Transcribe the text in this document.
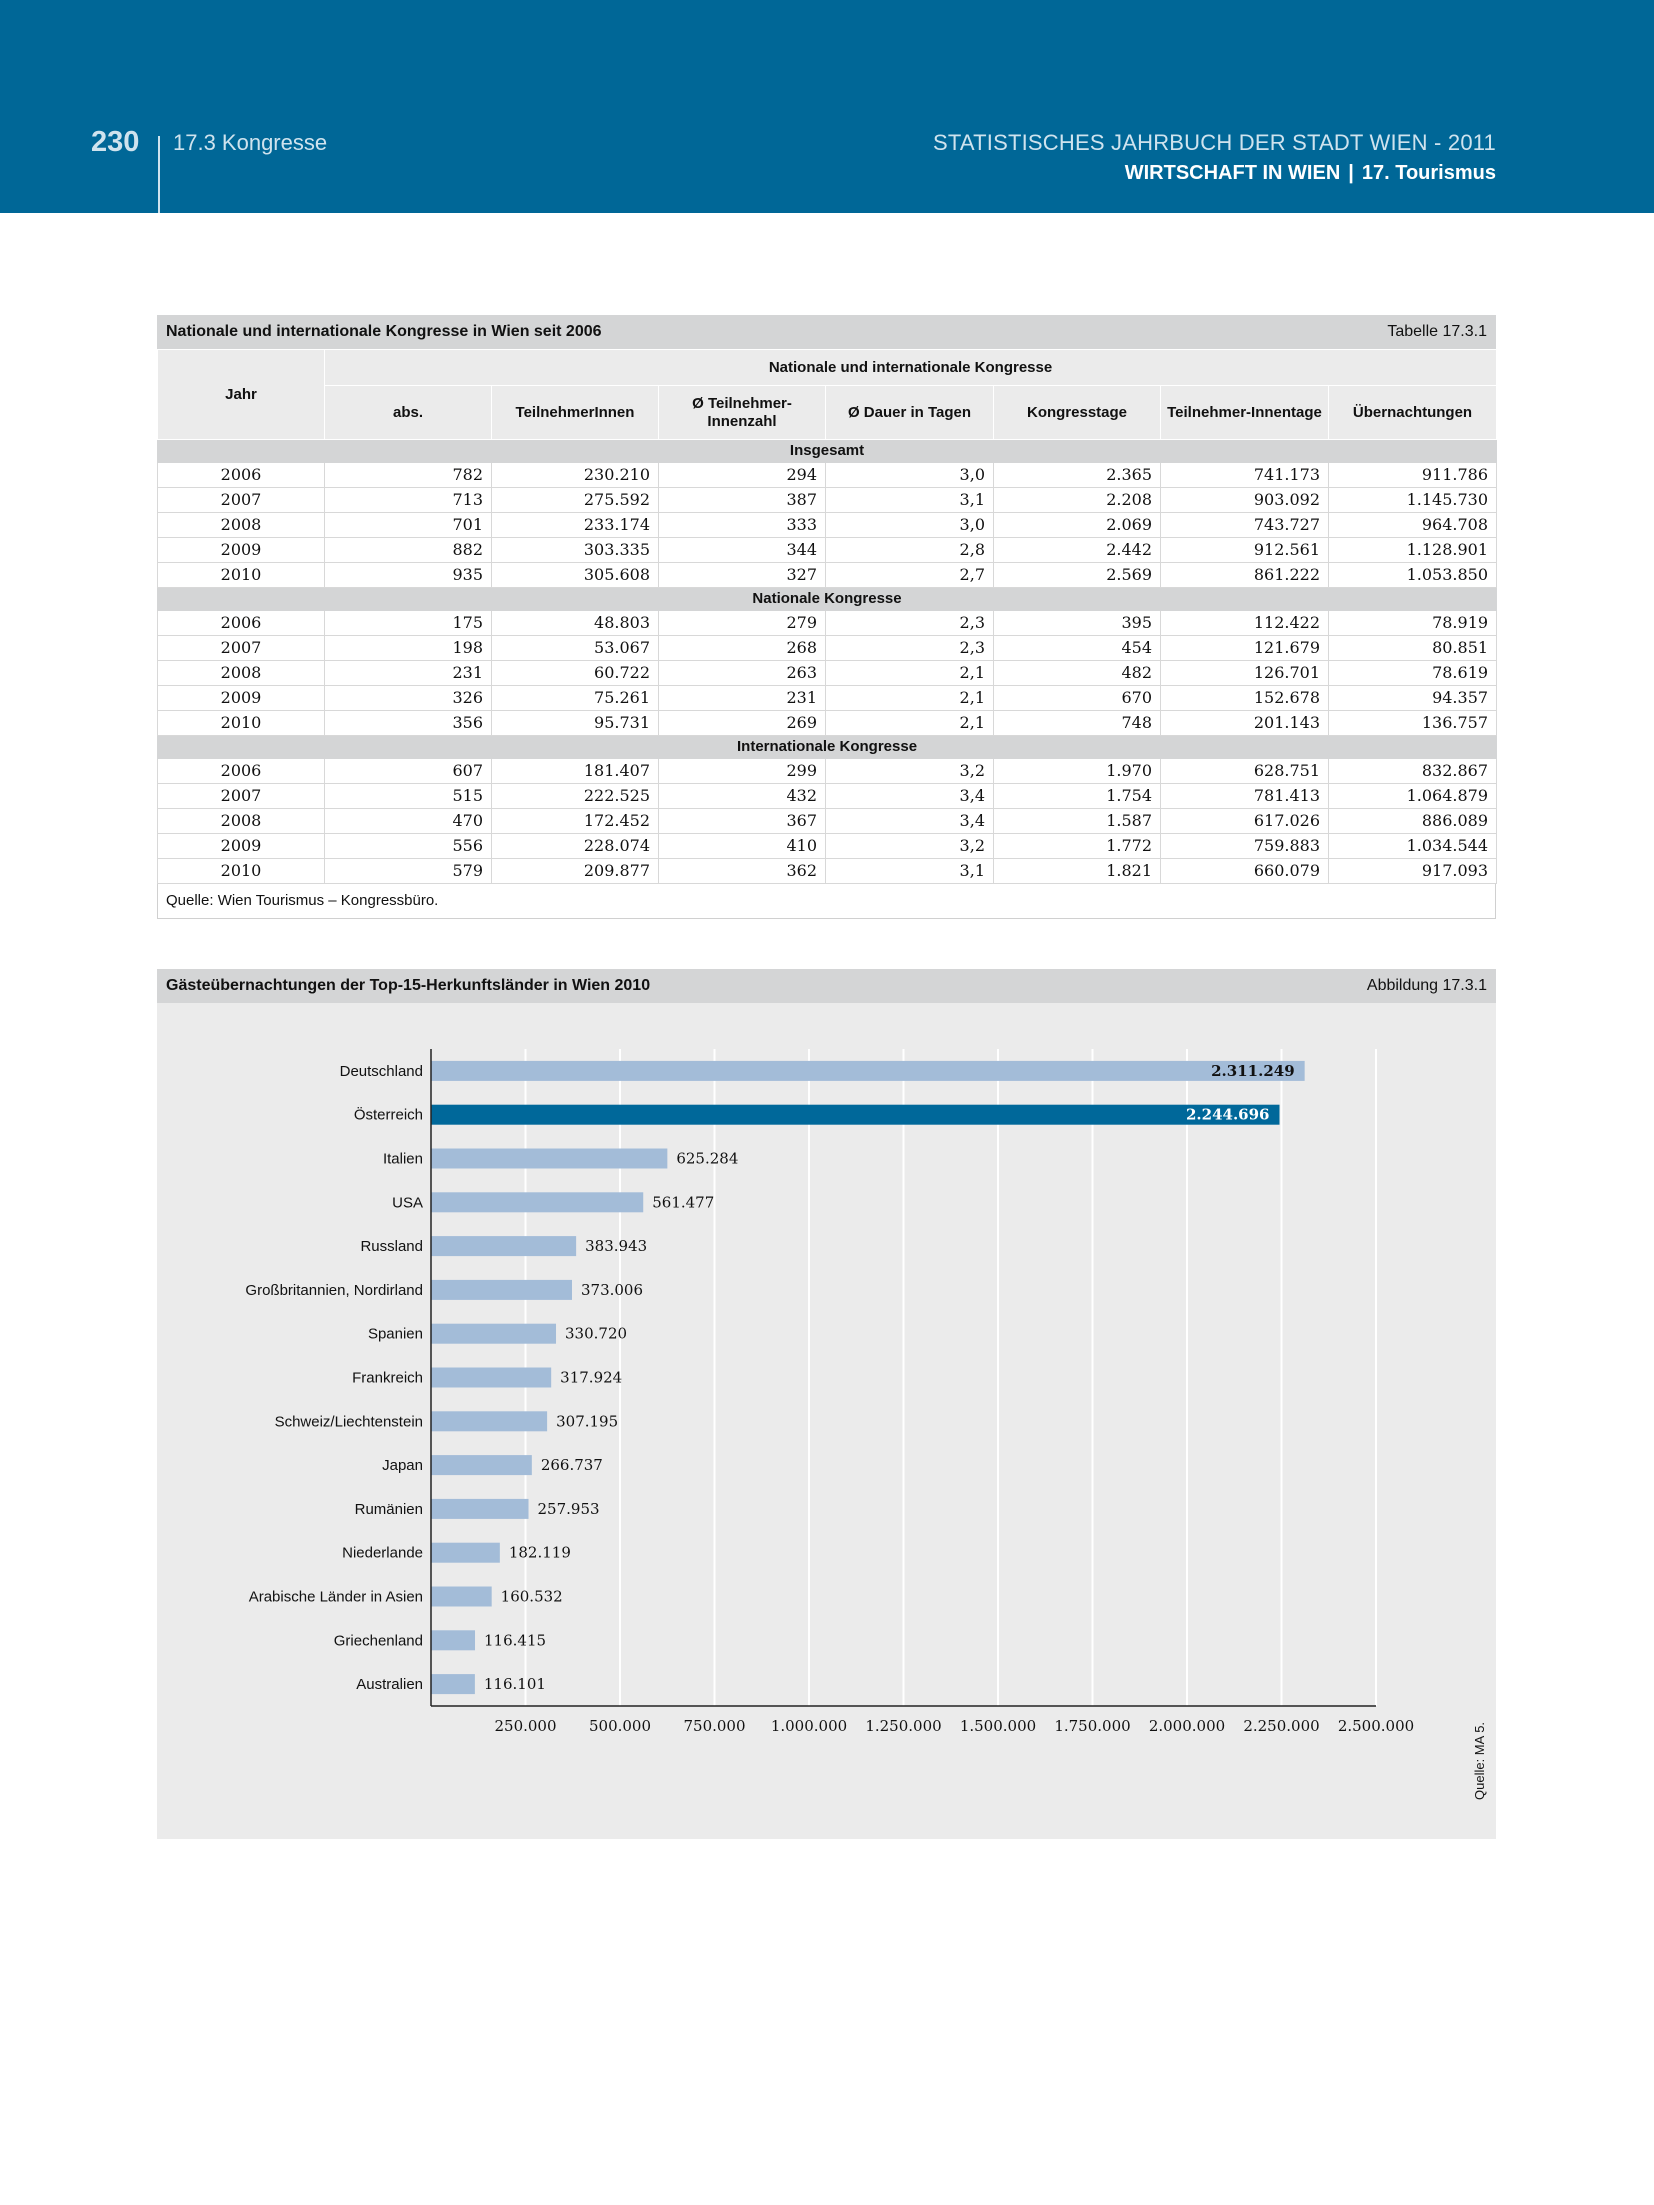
230 17.3 Kongresse	STATISTISCHES JAHRBUCH DER STADT WIEN - 2011
WIRTSCHAFT IN WIEN | 17. Tourismus
Nationale und internationale Kongresse in Wien seit 2006	Tabelle 17.3.1
Jahr	Nationale und internationale Kongresse						
	abs.	TeilnehmerInnen	Ø Teilnehmer-Innenzahl	Ø Dauer in Tagen	Kongresstage	Teilnehmer-Innentage	Übernachtungen
Insgesamt							
2006	782	230.210	294	3,0	2.365	741.173	911.786
2007	713	275.592	387	3,1	2.208	903.092	1.145.730
2008	701	233.174	333	3,0	2.069	743.727	964.708
2009	882	303.335	344	2,8	2.442	912.561	1.128.901
2010	935	305.608	327	2,7	2.569	861.222	1.053.850
Nationale Kongresse							
2006	175	48.803	279	2,3	395	112.422	78.919
2007	198	53.067	268	2,3	454	121.679	80.851
2008	231	60.722	263	2,1	482	126.701	78.619
2009	326	75.261	231	2,1	670	152.678	94.357
2010	356	95.731	269	2,1	748	201.143	136.757
Internationale Kongresse							
2006	607	181.407	299	3,2	1.970	628.751	832.867
2007	515	222.525	432	3,4	1.754	781.413	1.064.879
2008	470	172.452	367	3,4	1.587	617.026	886.089
2009	556	228.074	410	3,2	1.772	759.883	1.034.544
2010	579	209.877	362	3,1	1.821	660.079	917.093
Quelle: Wien Tourismus – Kongressbüro.
Gästeübernachtungen der Top-15-Herkunftsländer in Wien 2010	Abbildung 17.3.1
Deutschland	2.311.249
Österreich	2.244.696
Italien	625.284
USA	561.477
Russland	383.943
Großbritannien, Nordirland	373.006
Spanien	330.720
Frankreich	317.924
Schweiz/Liechtenstein	307.195
Japan	266.737
Rumänien	257.953
Niederlande	182.119
Arabische Länder in Asien	160.532
Griechenland	116.415
Australien	116.101
250.000 500.000 750.000 1.000.000 1.250.000 1.500.000 1.750.000 2.000.000 2.250.000 2.500.000	Quelle: MA 5.
